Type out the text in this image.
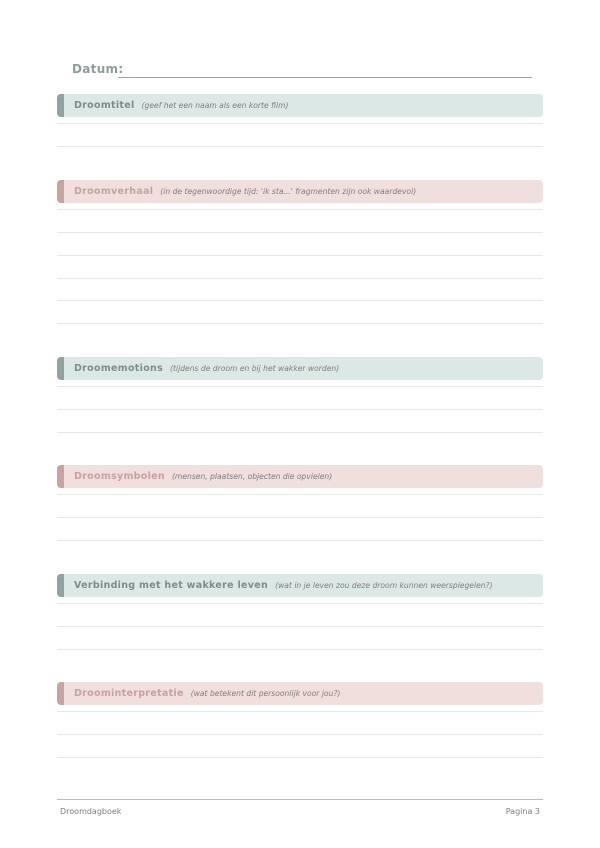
Datum:
Droomtitel (geef het een naam als een korte film)
Droomverhaal (in de tegenwoordige tijd: 'ik sta...' fragmenten zijn ook waardevol)
Droomemotions (tijdens de droom en bij het wakker worden)
Droomsymbolen (mensen, plaatsen, objecten die opvielen)
Verbinding met het wakkere leven (wat in je leven zou deze droom kunnen weerspiegelen?)
Droominterpretatie (wat betekent dit persoonlijk voor jou?)
Droomdagboek	Pagina 3
